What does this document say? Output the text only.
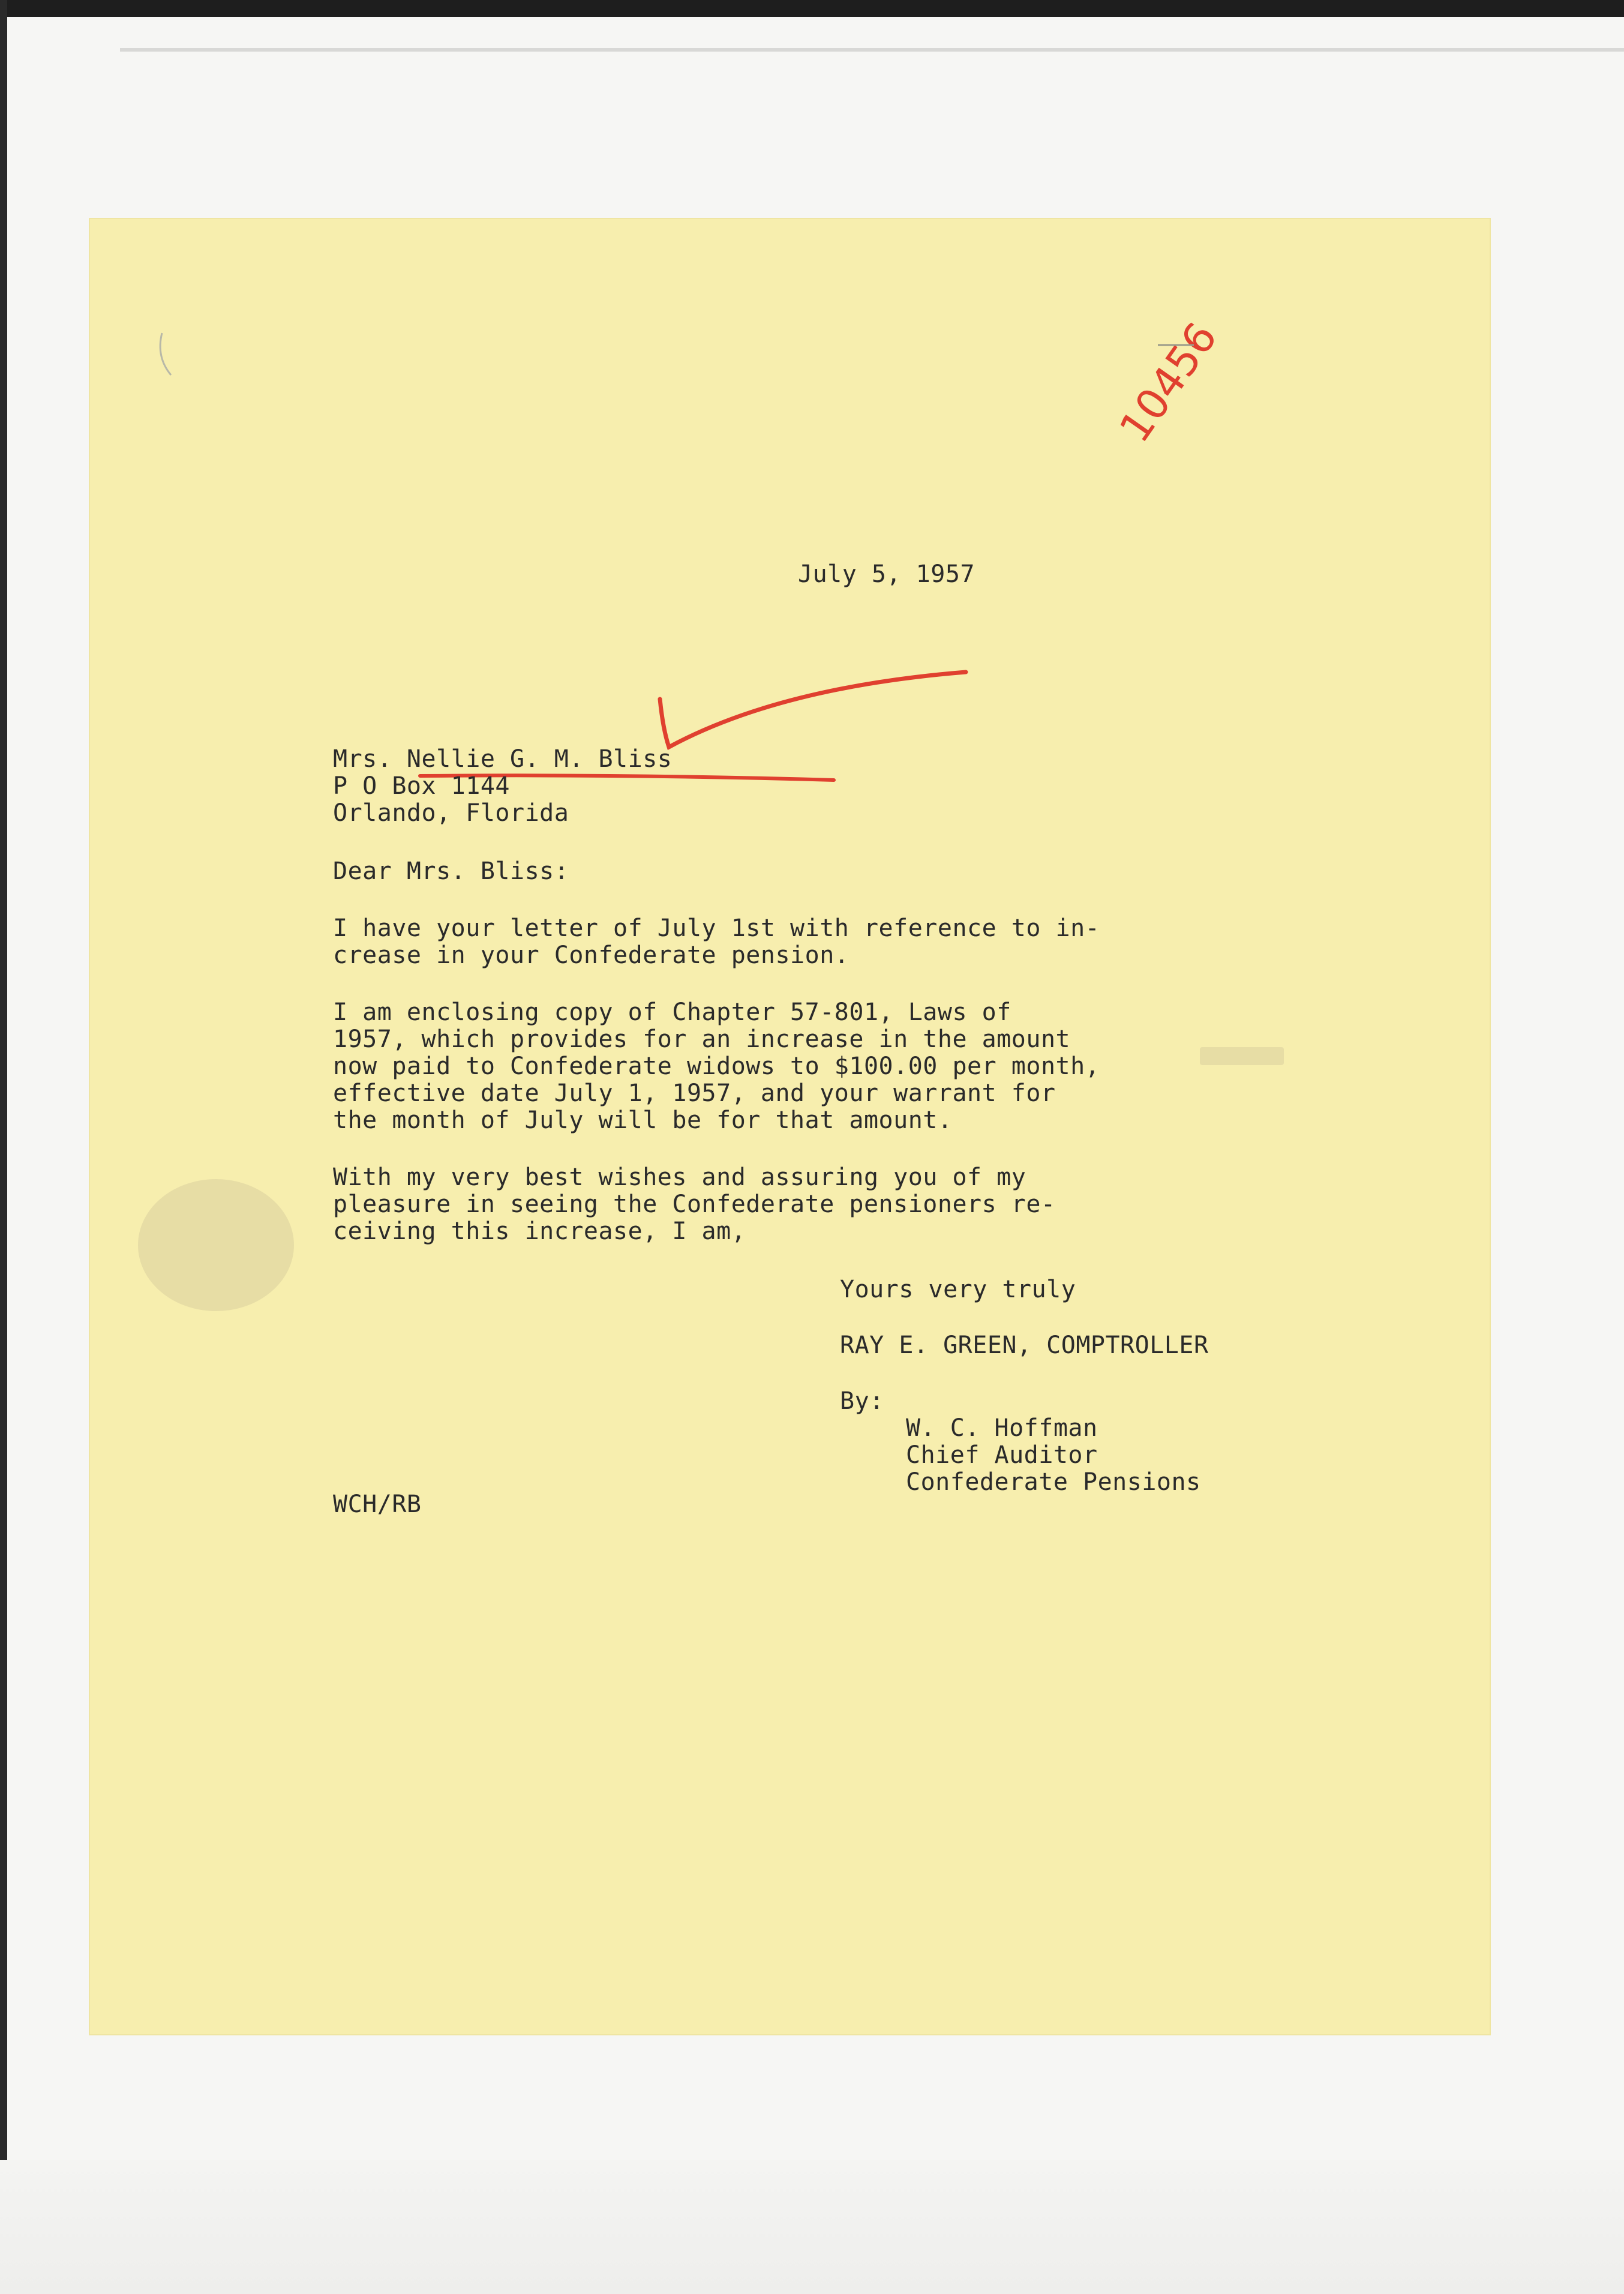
10456
July 5, 1957
Mrs. Nellie G. M. Bliss
P O Box 1144
Orlando, Florida
Dear Mrs. Bliss:
I have your letter of July 1st with reference to in-
crease in your Confederate pension.
I am enclosing copy of Chapter 57-801, Laws of
1957, which provides for an increase in the amount
now paid to Confederate widows to $100.00 per month,
effective date July 1, 1957, and your warrant for
the month of July will be for that amount.
With my very best wishes and assuring you of my
pleasure in seeing the Confederate pensioners re-
ceiving this increase, I am,
Yours very truly
RAY E. GREEN, COMPTROLLER
By:
W. C. Hoffman
Chief Auditor
Confederate Pensions
WCH/RB
